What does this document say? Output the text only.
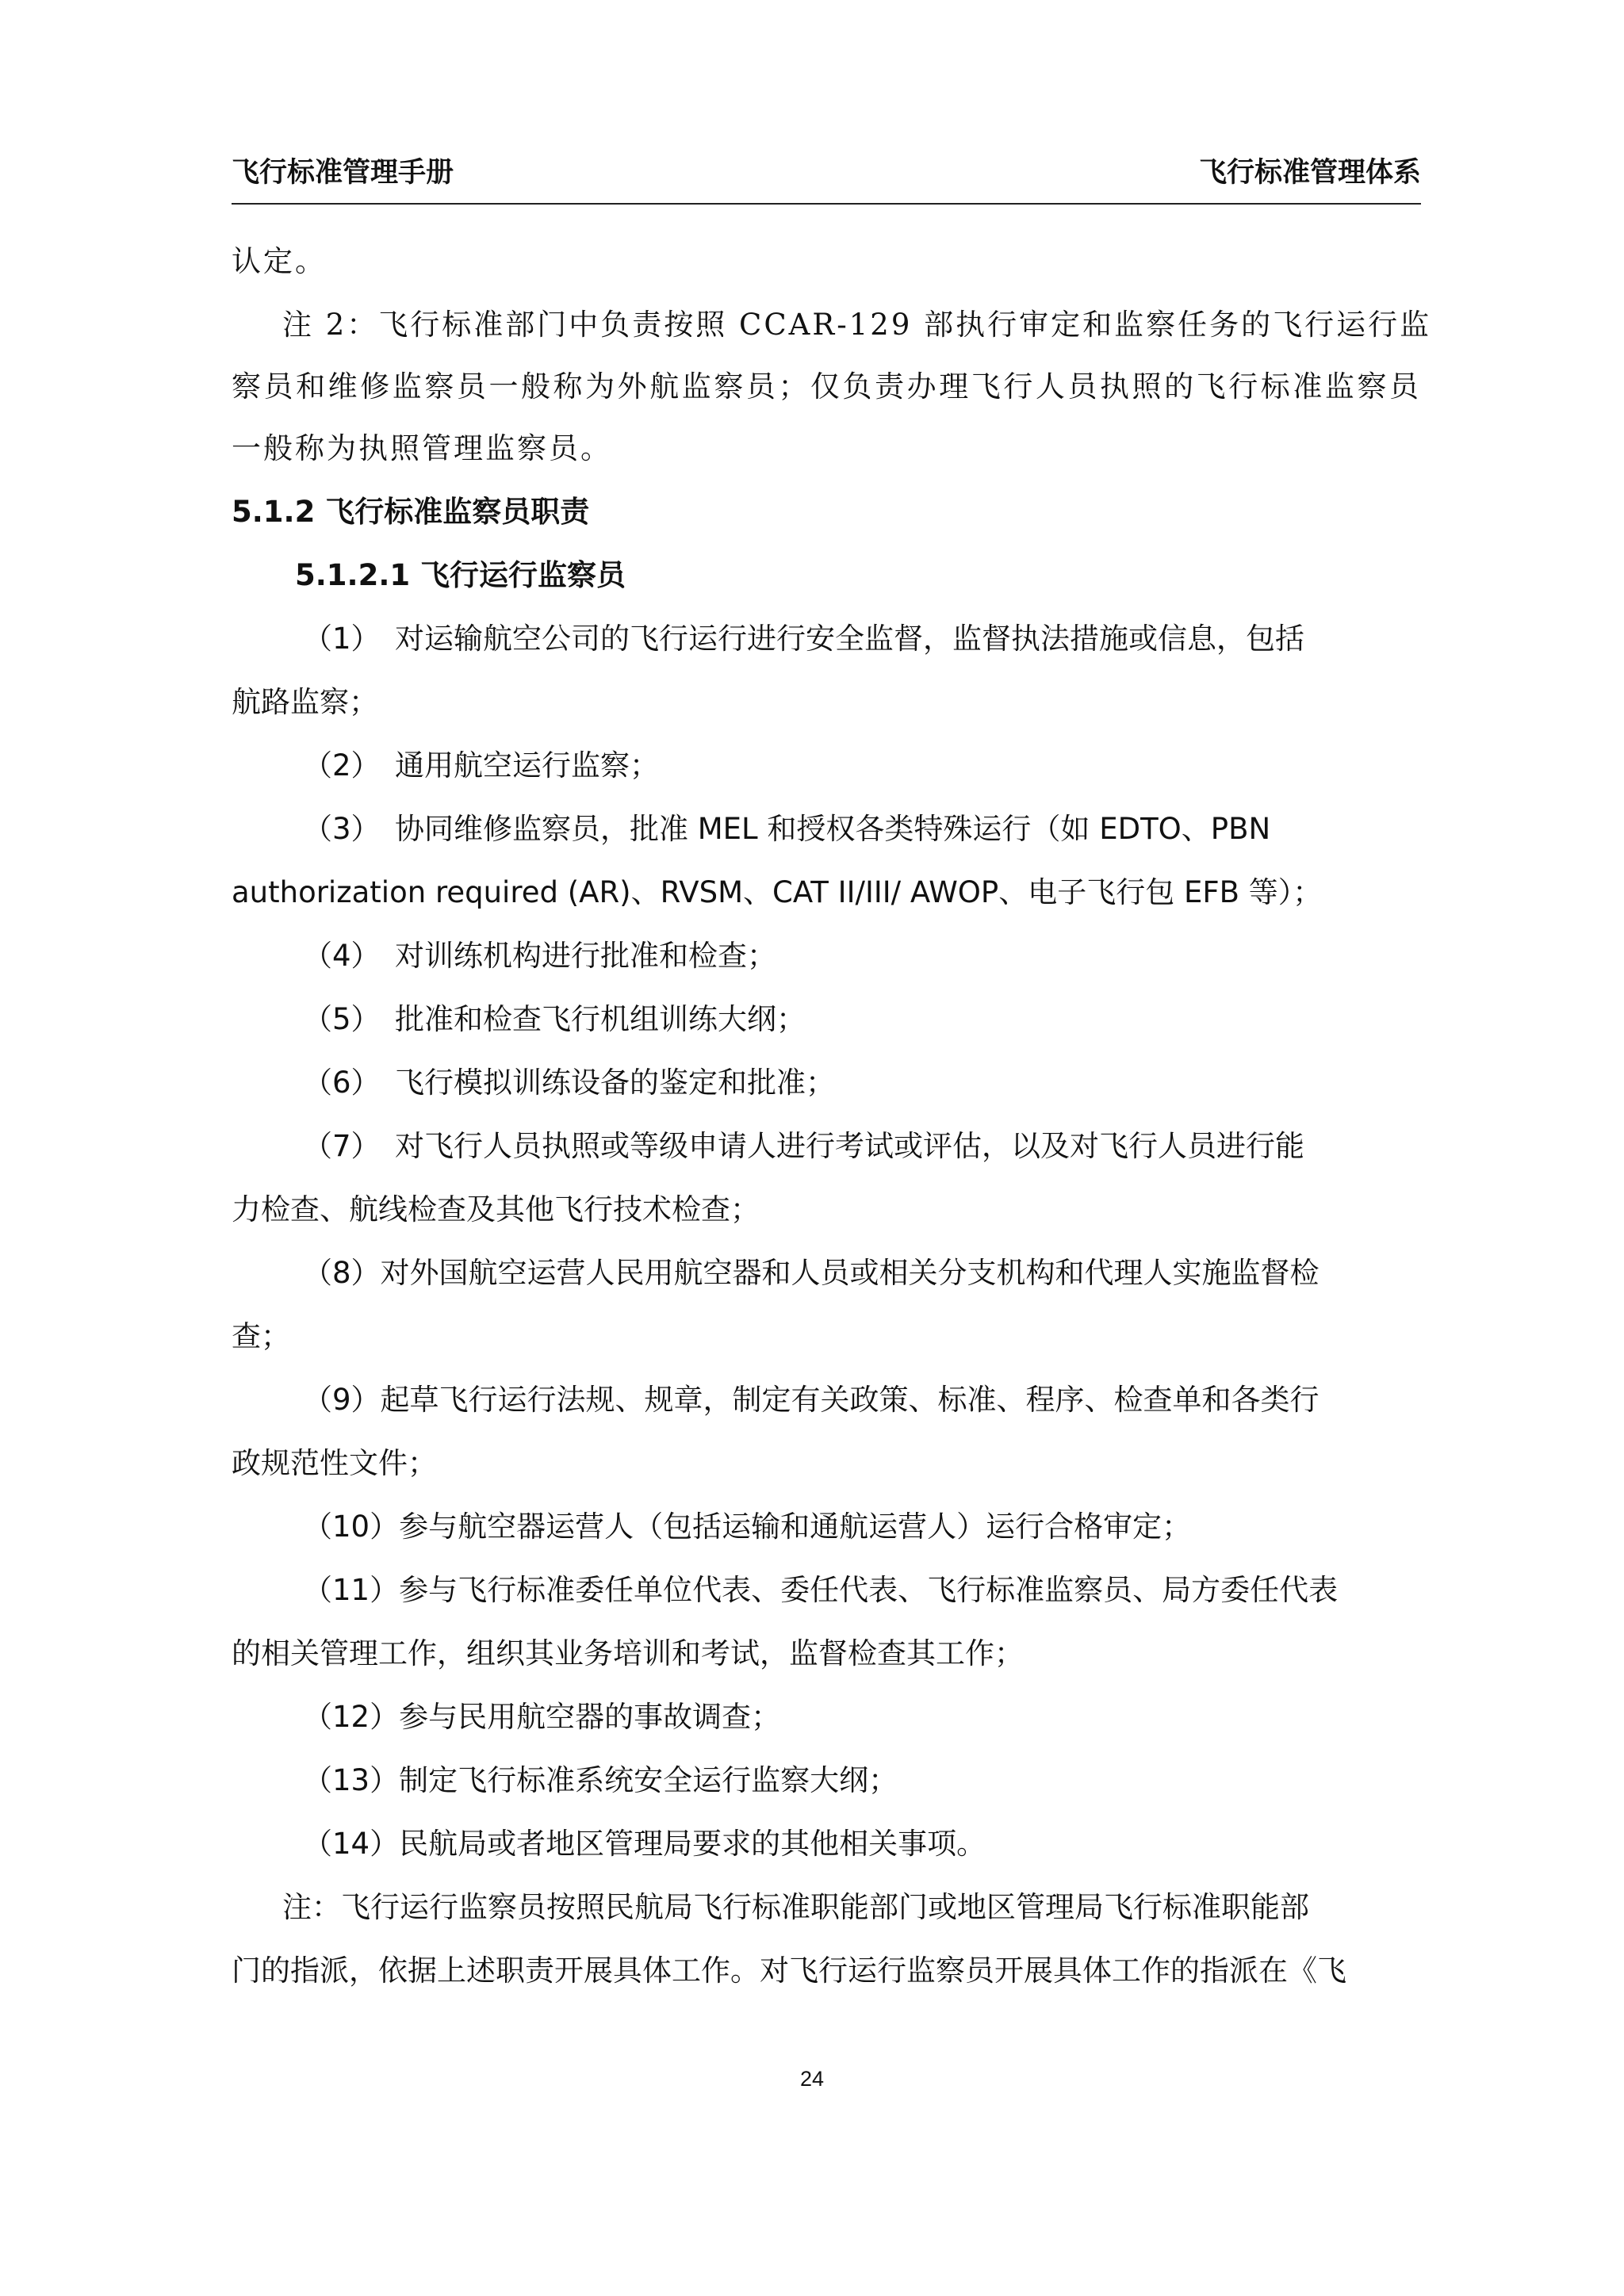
飞行标准管理手册	飞行标准管理体系
认定。
注 2：飞行标准部门中负责按照 CCAR-129 部执行审定和监察任务的飞行运行监
察员和维修监察员一般称为外航监察员；仅负责办理飞行人员执照的飞行标准监察员
一般称为执照管理监察员。
5.1.2 飞行标准监察员职责
5.1.2.1 飞行运行监察员
（1） 对运输航空公司的飞行运行进行安全监督，监督执法措施或信息，包括
航路监察；
（2） 通用航空运行监察；
（3） 协同维修监察员，批准 MEL 和授权各类特殊运行（如 EDTO、PBN
authorization required (AR)、RVSM、CAT II/III/ AWOP、电子飞行包 EFB 等）；
（4） 对训练机构进行批准和检查；
（5） 批准和检查飞行机组训练大纲；
（6） 飞行模拟训练设备的鉴定和批准；
（7） 对飞行人员执照或等级申请人进行考试或评估，以及对飞行人员进行能
力检查、航线检查及其他飞行技术检查；
（8）对外国航空运营人民用航空器和人员或相关分支机构和代理人实施监督检
查；
（9）起草飞行运行法规、规章，制定有关政策、标准、程序、检查单和各类行
政规范性文件；
（10）参与航空器运营人（包括运输和通航运营人）运行合格审定；
（11）参与飞行标准委任单位代表、委任代表、飞行标准监察员、局方委任代表
的相关管理工作，组织其业务培训和考试，监督检查其工作；
（12）参与民用航空器的事故调查；
（13）制定飞行标准系统安全运行监察大纲；
（14）民航局或者地区管理局要求的其他相关事项。
注：飞行运行监察员按照民航局飞行标准职能部门或地区管理局飞行标准职能部
门的指派，依据上述职责开展具体工作。对飞行运行监察员开展具体工作的指派在《飞
24
